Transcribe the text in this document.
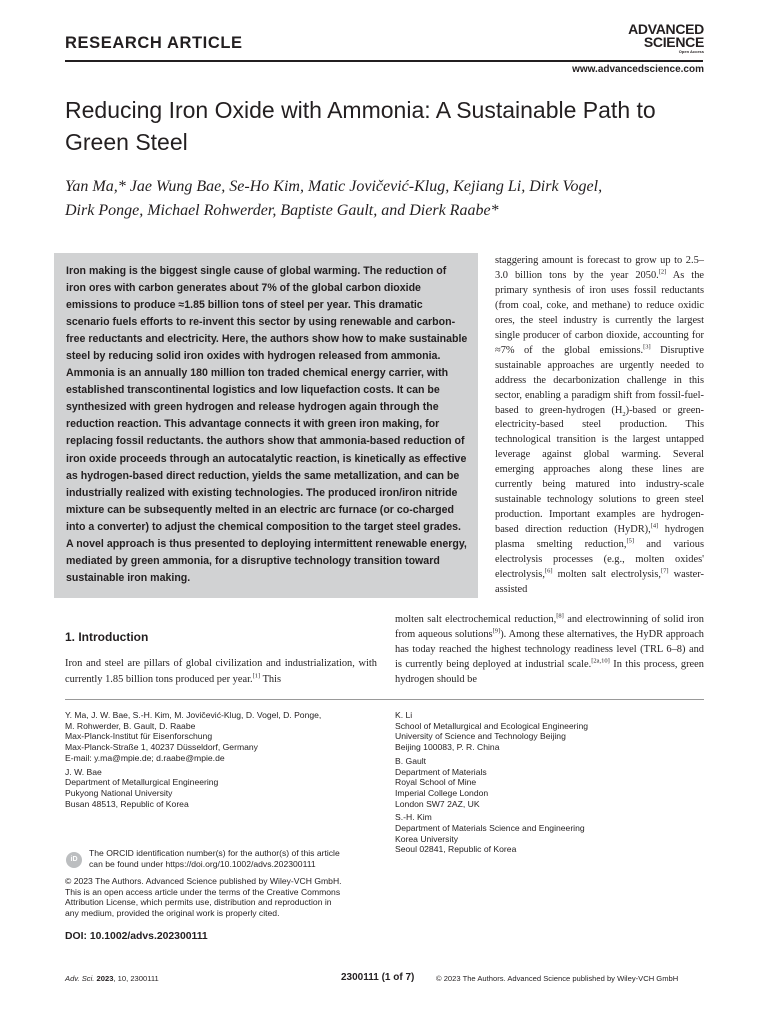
RESEARCH ARTICLE
ADVANCED
SCIENCE
Open Access
www.advancedscience.com
Reducing Iron Oxide with Ammonia: A Sustainable Path to Green Steel
Yan Ma,* Jae Wung Bae, Se-Ho Kim, Matic Jovičević-Klug, Kejiang Li, Dirk Vogel,
Dirk Ponge, Michael Rohwerder, Baptiste Gault, and Dierk Raabe*

Iron making is the biggest single cause of global warming. The reduction of iron ores with carbon generates about 7% of the global carbon dioxide emissions to produce ≈1.85 billion tons of steel per year. This dramatic scenario fuels efforts to re-invent this sector by using renewable and carbon-free reductants and electricity. Here, the authors show how to make sustainable steel by reducing solid iron oxides with hydrogen released from ammonia. Ammonia is an annually 180 million ton traded chemical energy carrier, with established transcontinental logistics and low liquefaction costs. It can be synthesized with green hydrogen and release hydrogen again through the reduction reaction. This advantage connects it with green iron making, for replacing fossil reductants. the authors show that ammonia-based reduction of iron oxide proceeds through an autocatalytic reaction, is kinetically as effective as hydrogen-based direct reduction, yields the same metallization, and can be industrially realized with existing technologies. The produced iron/iron nitride mixture can be subsequently melted in an electric arc furnace (or co-charged into a converter) to adjust the chemical composition to the target steel grades. A novel approach is thus presented to deploying intermittent renewable energy, mediated by green ammonia, for a disruptive technology transition toward sustainable iron making.

staggering amount is forecast to grow up to 2.5–3.0 billion tons by the year 2050.[2] As the primary synthesis of iron uses fossil reductants (from coal, coke, and methane) to reduce oxidic ores, the steel industry is currently the largest single producer of carbon dioxide, accounting for ≈7% of the global emissions.[3] Disruptive sustainable approaches are urgently needed to address the decarbonization challenge in this sector, enabling a paradigm shift from fossil-fuel-based to green-hydrogen $(H_2)$-based or green-electricity-based steel production. This technological transition is the largest untapped leverage against global warming. Several emerging approaches along these lines are currently being matured into industry-scale sustainable technology solutions to green steel production. Important examples are hydrogen-based direction reduction (HyDR),[4] hydrogen plasma smelting reduction,[5] and various electrolysis processes (e.g., molten oxides' electrolysis,[6] molten salt electrolysis,[7] waster-assisted

molten salt electrochemical reduction,[8] and electrowinning of solid iron from aqueous solutions[9]). Among these alternatives, the HyDR approach has today reached the highest technology readiness level (TRL 6–8) and is currently being deployed at industrial scale.[2a,10] In this process, green hydrogen should be

1. Introduction

Iron and steel are pillars of global civilization and industrialization, with currently 1.85 billion tons produced per year.[1] This

Y. Ma, J. W. Bae, S.-H. Kim, M. Jovičević-Klug, D. Vogel, D. Ponge,
M. Rohwerder, B. Gault, D. Raabe
Max-Planck-Institut für Eisenforschung
Max-Planck-Straße 1, 40237 Düsseldorf, Germany
E-mail: y.ma@mpie.de; d.raabe@mpie.de
J. W. Bae
Department of Metallurgical Engineering
Pukyong National University
Busan 48513, Republic of Korea
K. Li
School of Metallurgical and Ecological Engineering
University of Science and Technology Beijing
Beijing 100083, P. R. China
B. Gault
Department of Materials
Royal School of Mine
Imperial College London
London SW7 2AZ, UK
S.-H. Kim
Department of Materials Science and Engineering
Korea University
Seoul 02841, Republic of Korea
iD
The ORCID identification number(s) for the author(s) of this article
can be found under https://doi.org/10.1002/advs.202300111
© 2023 The Authors. Advanced Science published by Wiley-VCH GmbH.
This is an open access article under the terms of the Creative Commons
Attribution License, which permits use, distribution and reproduction in
any medium, provided the original work is properly cited.
DOI: 10.1002/advs.202300111
Adv. Sci. 2023, 10, 2300111	2300111 (1 of 7)	© 2023 The Authors. Advanced Science published by Wiley-VCH GmbH
